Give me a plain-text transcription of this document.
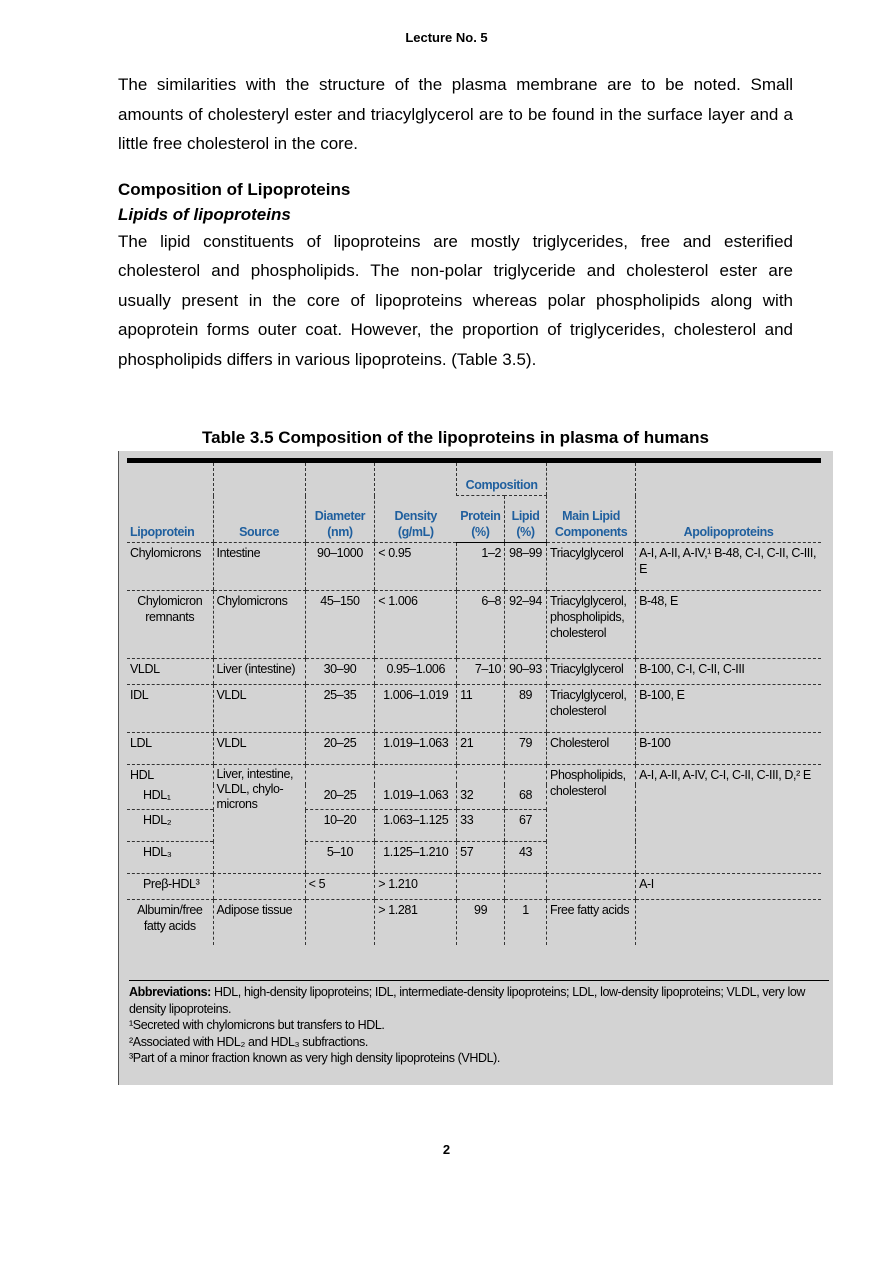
Lecture No. 5

The similarities with the structure of the plasma membrane are to be noted. Small amounts of cholesteryl ester and triacylglycerol are to be found in the surface layer and a little free cholesterol in the core.

Composition of Lipoproteins
Lipids of lipoproteins

The lipid constituents of lipoproteins are mostly triglycerides, free and esterified cholesterol and phospholipids. The non-polar triglyceride and cholesterol ester are usually present in the core of lipoproteins whereas polar phospholipids along with apoprotein forms outer coat. However, the proportion of triglycerides, cholesterol and phospholipids differs in various lipoproteins. (Table 3.5).

Table 3.5 Composition of the lipoproteins in plasma of humans
Lipoprotein	Source	Diameter (nm)	Density (g/mL)	Composition		Main Lipid Components	Apolipoproteins
				Protein (%)	Lipid (%)		
Chylomicrons	Intestine	90–1000	< 0.95	1–2	98–99	Triacylglycerol	A-I, A-II, A-IV,¹ B-48, C-I, C-II, C-III, E
Chylomicron remnants	Chylomicrons	45–150	< 1.006	6–8	92–94	Triacylglycerol, phospholipids, cholesterol	B-48, E
VLDL	Liver (intestine)	30–90	0.95–1.006	7–10	90–93	Triacylglycerol	B-100, C-I, C-II, C-III
IDL	VLDL	25–35	1.006–1.019	11	89	Triacylglycerol, cholesterol	B-100, E
LDL	VLDL	20–25	1.019–1.063	21	79	Cholesterol	B-100
HDL	Liver, intestine, VLDL, chylo-microns					Phospholipids, cholesterol	A-I, A-II, A-IV, C-I, C-II, C-III, D,² E
HDL₁		20–25	1.019–1.063	32	68		
HDL₂		10–20	1.063–1.125	33	67		
HDL₃		5–10	1.125–1.210	57	43		
Preβ-HDL³		< 5	> 1.210				A-I
Albumin/free fatty acids	Adipose tissue		> 1.281	99	1	Free fatty acids	
Abbreviations: HDL, high-density lipoproteins; IDL, intermediate-density lipoproteins; LDL, low-density lipoproteins; VLDL, very low density lipoproteins.
¹Secreted with chylomicrons but transfers to HDL.
²Associated with HDL₂ and HDL₃ subfractions.
³Part of a minor fraction known as very high density lipoproteins (VHDL).
2
